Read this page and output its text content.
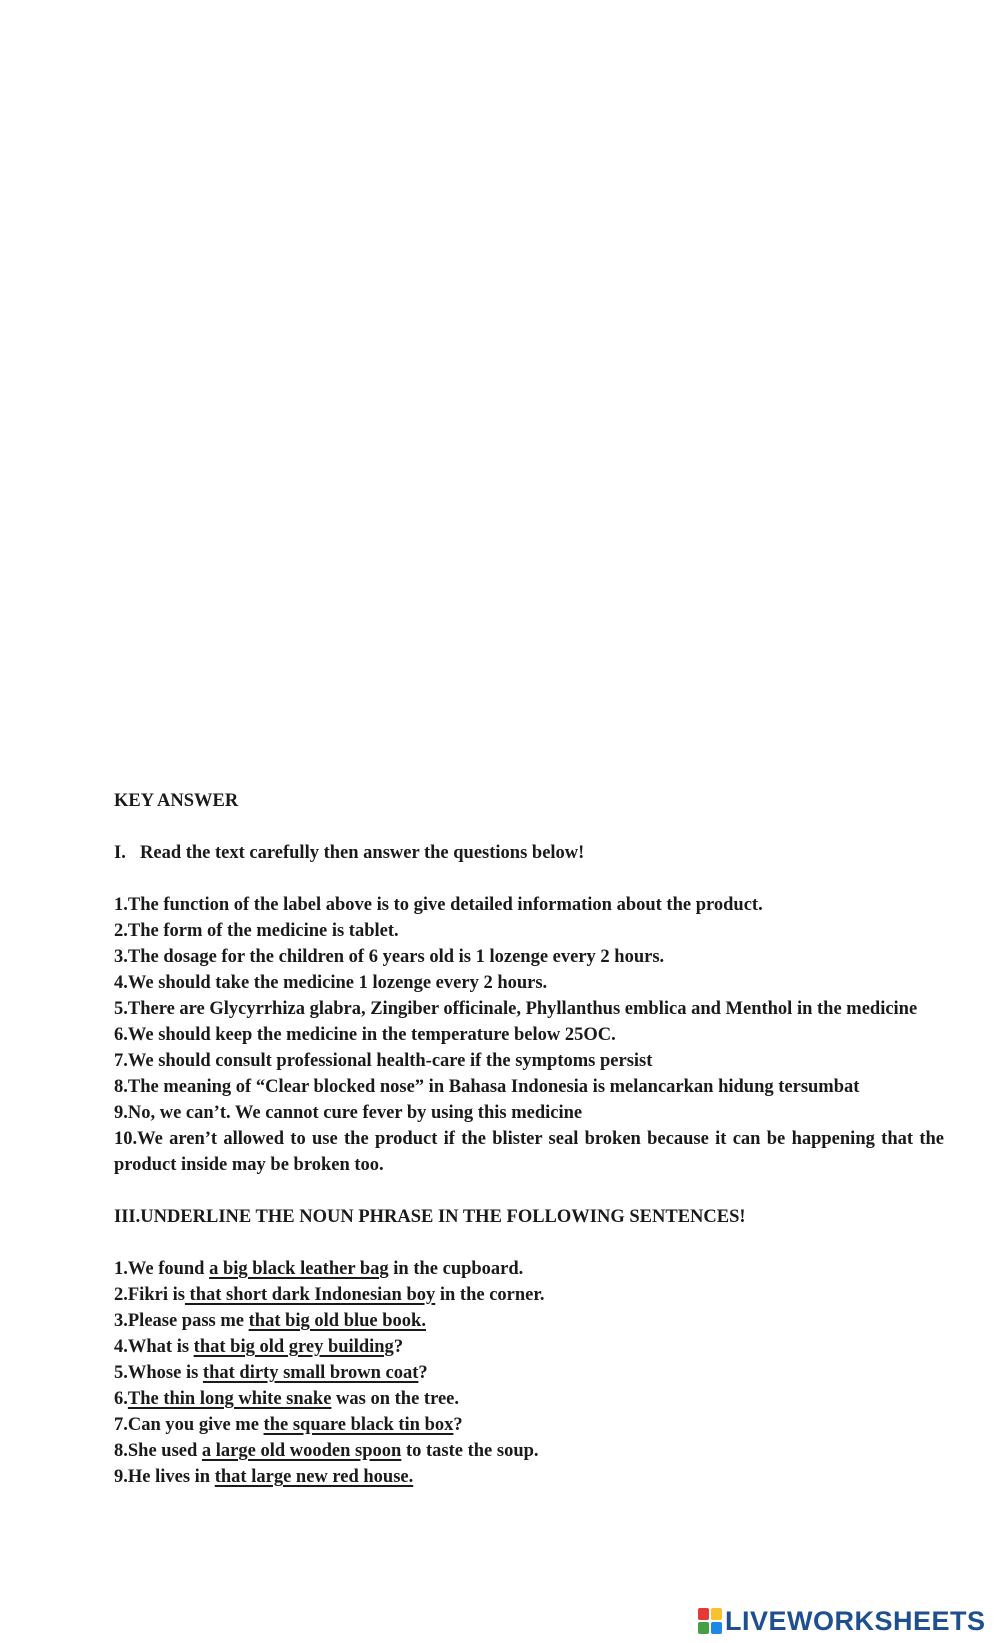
KEY ANSWER

I. Read the text carefully then answer the questions below!

1.The function of the label above is to give detailed information about the product.

2.The form of the medicine is tablet.

3.The dosage for the children of 6 years old is 1 lozenge every 2 hours.

4.We should take the medicine 1 lozenge every 2 hours.

5.There are Glycyrrhiza glabra, Zingiber officinale, Phyllanthus emblica and Menthol in the medicine

6.We should keep the medicine in the temperature below 25OC.

7.We should consult professional health-care if the symptoms persist

8.The meaning of “Clear blocked nose” in Bahasa Indonesia is melancarkan hidung tersumbat

9.No, we can’t. We cannot cure fever by using this medicine

10.We aren’t allowed to use the product if the blister seal broken because it can be happening that the product inside may be broken too.

III.UNDERLINE THE NOUN PHRASE IN THE FOLLOWING SENTENCES!

1.We found a big black leather bag in the cupboard.

2.Fikri is that short dark Indonesian boy in the corner.

3.Please pass me that big old blue book.

4.What is that big old grey building?

5.Whose is that dirty small brown coat?

6.The thin long white snake was on the tree.

7.Can you give me the square black tin box?

8.She used a large old wooden spoon to taste the soup.

9.He lives in that large new red house.

LIVEWORKSHEETS
